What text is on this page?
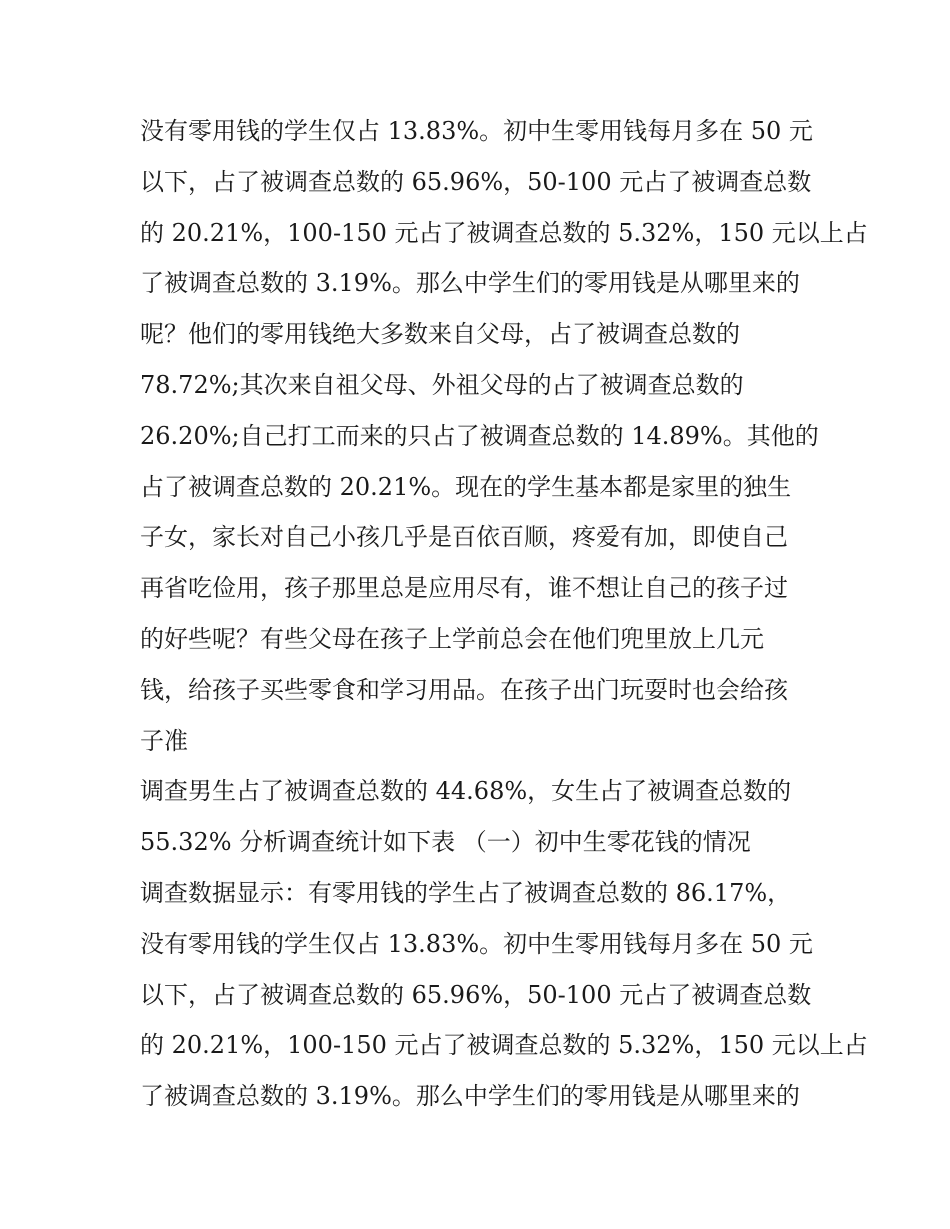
没有零用钱的学生仅占 13.83%。初中生零用钱每月多在 50 元
以下，占了被调查总数的 65.96%，50-100 元占了被调查总数
的 20.21%，100-150 元占了被调查总数的 5.32%，150 元以上占
了被调查总数的 3.19%。那么中学生们的零用钱是从哪里来的
呢？他们的零用钱绝大多数来自父母，占了被调查总数的
78.72%;其次来自祖父母、外祖父母的占了被调查总数的
26.20%;自己打工而来的只占了被调查总数的 14.89%。其他的
占了被调查总数的 20.21%。现在的学生基本都是家里的独生
子女，家长对自己小孩几乎是百依百顺，疼爱有加，即使自己
再省吃俭用，孩子那里总是应用尽有，谁不想让自己的孩子过
的好些呢？有些父母在孩子上学前总会在他们兜里放上几元
钱，给孩子买些零食和学习用品。在孩子出门玩耍时也会给孩
子准
调查男生占了被调查总数的 44.68%，女生占了被调查总数的
55.32% 分析调查统计如下表 （一）初中生零花钱的情况
调查数据显示：有零用钱的学生占了被调查总数的 86.17%，
没有零用钱的学生仅占 13.83%。初中生零用钱每月多在 50 元
以下，占了被调查总数的 65.96%，50-100 元占了被调查总数
的 20.21%，100-150 元占了被调查总数的 5.32%，150 元以上占
了被调查总数的 3.19%。那么中学生们的零用钱是从哪里来的
